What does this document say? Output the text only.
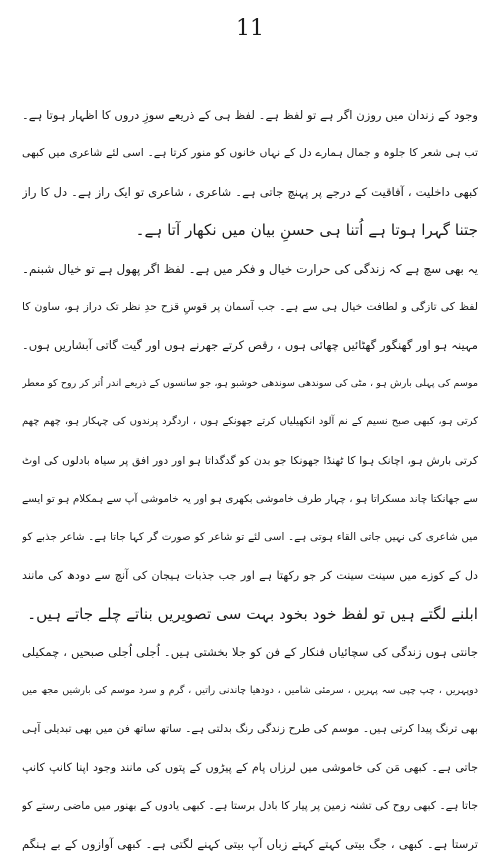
11
وجود کے زندان میں روزن اگر ہے تو لفظ ہے۔ لفظ ہی کے ذریعے سوزِ دروں کا اظہار ہوتا ہے۔
تب ہی شعر کا جلوہ و جمال ہمارے دل کے نہاں خانوں کو منور کرتا ہے۔ اسی لئے شاعری میں کبھی
کبھی داخلیت ، آفاقیت کے درجے پر پہنچ جاتی ہے۔ شاعری ، شاعری تو ایک راز ہے۔ دل کا راز
جتنا گہرا ہوتا ہے اُتنا ہی حسنِ بیان میں نکھار آتا ہے۔
یہ بھی سچ ہے کہ زندگی کی حرارت خیال و فکر میں ہے۔ لفظ اگر پھول ہے تو خیال شبنم۔
لفظ کی تازگی و لطافت خیال ہی سے ہے۔ جب آسمان پر قوسِ قزح حدِ نظر تک دراز ہو، ساون کا
مہینہ ہو اور گھنگور گھٹائیں چھائی ہوں ، رقص کرتے جھرنے ہوں اور گیت گاتی آبشاریں ہوں۔
موسم کی پہلی بارش ہو ، مٹی کی سوندھی سوندھی خوشبو ہو، جو سانسوں کے ذریعے اندر اُتر کر روح کو معطر
کرتی ہو، کبھی صبح نسیم کے نم آلود انکھیلیاں کرتے جھونکے ہوں ، اردگرد پرندوں کی چہکار ہو، چھم چھم
کرتی بارش ہو، اچانک ہوا کا ٹھنڈا جھونکا جو بدن کو گدگداتا ہو اور دور افق پر سیاہ بادلوں کی اوٹ
سے جھانکتا چاند مسکراتا ہو ، چہار طرف خاموشی بکھری ہو اور یہ خاموشی آپ سے ہمکلام ہو تو ایسے
میں شاعری کی نہیں جاتی القاء ہوتی ہے۔ اسی لئے تو شاعر کو صورت گر کہا جاتا ہے۔ شاعر جذبے کو
دل کے کوزے میں سینت سینت کر جو رکھتا ہے اور جب جذبات ہیجان کی آنچ سے دودھ کی مانند
ابلنے لگتے ہیں تو لفظ خود بخود بہت سی تصویریں بناتے چلے جاتے ہیں۔
جانتی ہوں زندگی کی سچائیاں فنکار کے فن کو جلا بخشتی ہیں۔ اُجلی اُجلی صبحیں ، چمکیلی
دوپہریں ، چپ چپی سہ پہریں ، سرمئی شامیں ، دودھیا چاندنی راتیں ، گرم و سرد موسم کی بارشیں مجھ میں
بھی ترنگ پیدا کرتی ہیں۔ موسم کی طرح زندگی رنگ بدلتی ہے۔ ساتھ ساتھ فن میں بھی تبدیلی آہی
جاتی ہے۔ کبھی مَن کی خاموشی میں لرزاں پام کے پیڑوں کے پتوں کی مانند وجود اپنا کانپ کانپ
جاتا ہے۔ کبھی روح کی تشنہ زمین پر پیار کا بادل برستا ہے۔ کبھی یادوں کے بھنور میں ماضی رستے کو
ترستا ہے۔ کبھی ، جگ بیتی کہتے کہتے زباں آپ بیتی کہنے لگتی ہے۔ کبھی آوازوں کے بے ہنگم
